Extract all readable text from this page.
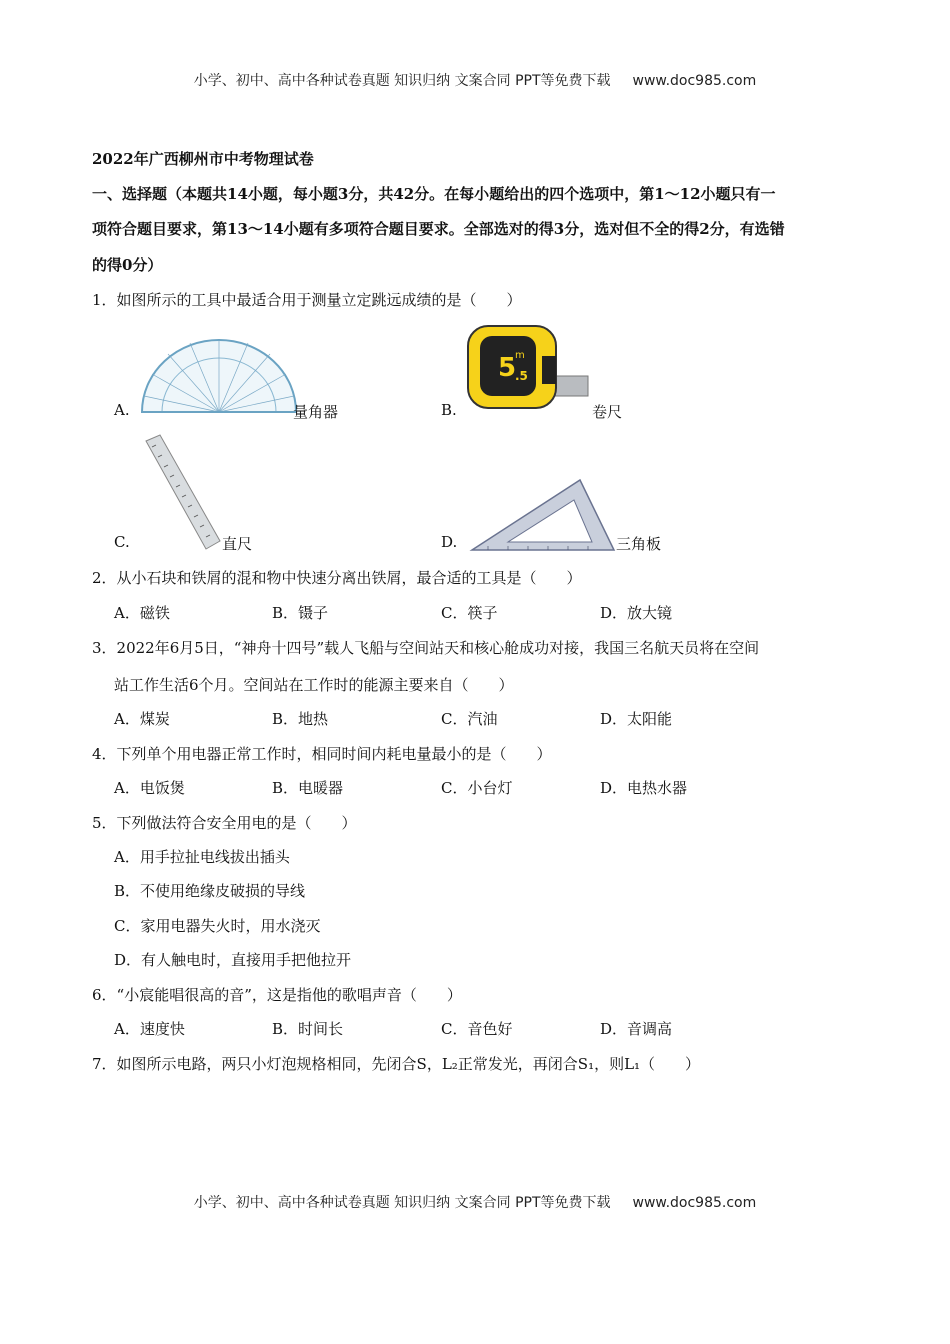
小学、初中、高中各种试卷真题 知识归纳 文案合同 PPT等免费下载 www.doc985.com
2022年广西柳州市中考物理试卷
一、选择题（本题共14小题，每小题3分，共42分。在每小题给出的四个选项中，第1～12小题只有一
项符合题目要求，第13～14小题有多项符合题目要求。全部选对的得3分，选对但不全的得2分，有选错
的得0分）
1．如图所示的工具中最适合用于测量立定跳远成绩的是（　　）
A.	量角器	B.
5
m
.5
卷尺
C.	直尺	D.	三角板
2．从小石块和铁屑的混和物中快速分离出铁屑，最合适的工具是（　　）
A．磁铁	B．镊子	C．筷子	D．放大镜
3．2022年6月5日，“神舟十四号”载人飞船与空间站天和核心舱成功对接，我国三名航天员将在空间
站工作生活6个月。空间站在工作时的能源主要来自（　　）
A．煤炭	B．地热	C．汽油	D．太阳能
4．下列单个用电器正常工作时，相同时间内耗电量最小的是（　　）
A．电饭煲	B．电暖器	C．小台灯	D．电热水器
5．下列做法符合安全用电的是（　　）
A．用手拉扯电线拔出插头
B．不使用绝缘皮破损的导线
C．家用电器失火时，用水浇灭
D．有人触电时，直接用手把他拉开
6．“小宸能唱很高的音”，这是指他的歌唱声音（　　）
A．速度快	B．时间长	C．音色好	D．音调高
7．如图所示电路，两只小灯泡规格相同，先闭合S，L₂正常发光，再闭合S₁，则L₁（　　）
小学、初中、高中各种试卷真题 知识归纳 文案合同 PPT等免费下载 www.doc985.com
